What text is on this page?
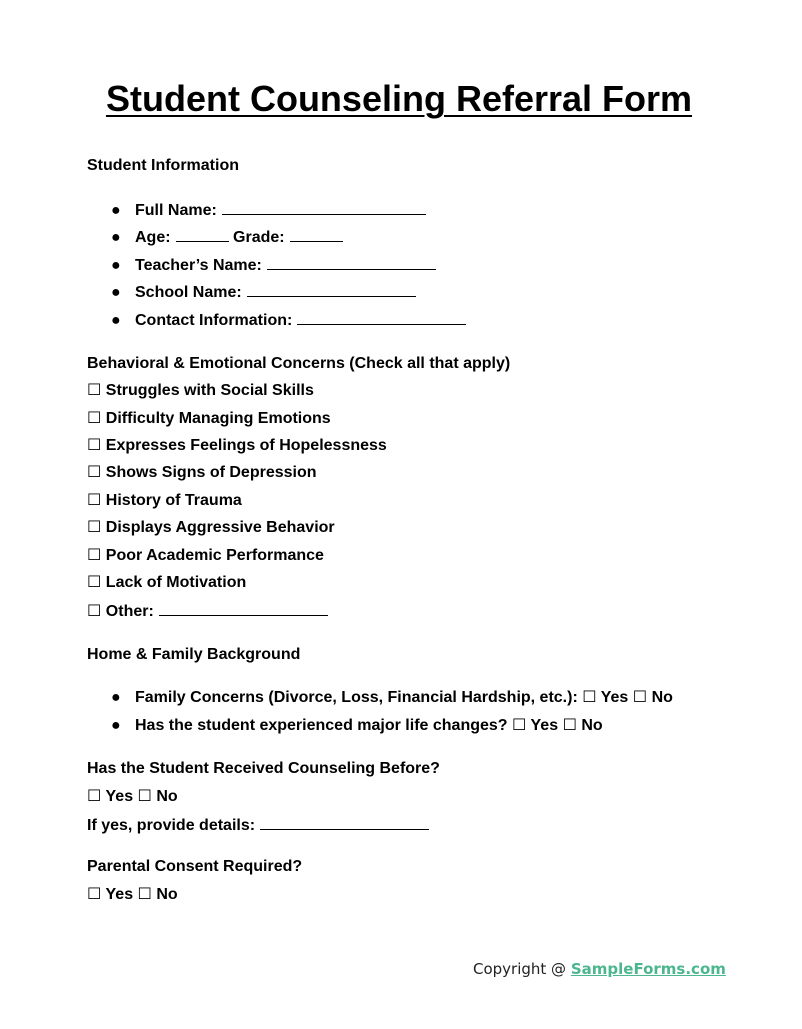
Student Counseling Referral Form
Student Information
● Full Name:
● Age:	Grade:
● Teacher’s Name:
● School Name:
● Contact Information:
Behavioral & Emotional Concerns (Check all that apply)
☐ Struggles with Social Skills
☐ Difficulty Managing Emotions
☐ Expresses Feelings of Hopelessness
☐ Shows Signs of Depression
☐ History of Trauma
☐ Displays Aggressive Behavior
☐ Poor Academic Performance
☐ Lack of Motivation
☐ Other:
Home & Family Background
● Family Concerns (Divorce, Loss, Financial Hardship, etc.): ☐ Yes ☐ No
● Has the student experienced major life changes? ☐ Yes ☐ No
Has the Student Received Counseling Before?
☐ Yes ☐ No
If yes, provide details:
Parental Consent Required?
☐ Yes ☐ No
Copyright @ SampleForms.com
